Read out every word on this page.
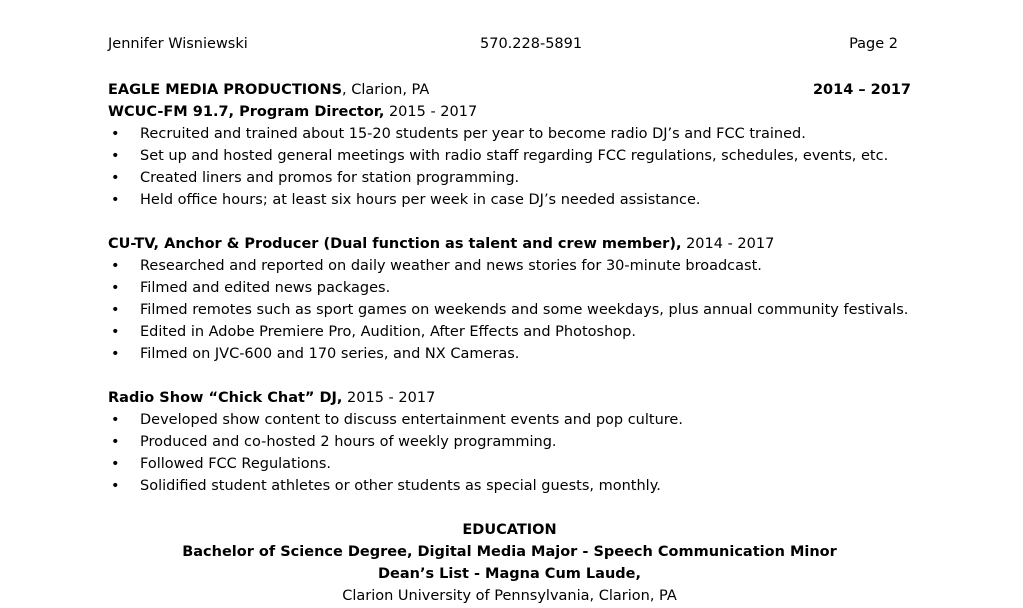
Jennifer Wisniewski	570.228-5891	Page 2
EAGLE MEDIA PRODUCTIONS, Clarion, PA	2014 – 2017
WCUC-FM 91.7, Program Director, 2015 - 2017
• Recruited and trained about 15-20 students per year to become radio DJ’s and FCC trained.
• Set up and hosted general meetings with radio staff regarding FCC regulations, schedules, events, etc.
• Created liners and promos for station programming.
• Held office hours; at least six hours per week in case DJ’s needed assistance.
CU-TV, Anchor & Producer (Dual function as talent and crew member), 2014 - 2017
• Researched and reported on daily weather and news stories for 30-minute broadcast.
• Filmed and edited news packages.
• Filmed remotes such as sport games on weekends and some weekdays, plus annual community festivals.
• Edited in Adobe Premiere Pro, Audition, After Effects and Photoshop.
• Filmed on JVC-600 and 170 series, and NX Cameras.
Radio Show “Chick Chat” DJ, 2015 - 2017
• Developed show content to discuss entertainment events and pop culture.
• Produced and co-hosted 2 hours of weekly programming.
• Followed FCC Regulations.
• Solidified student athletes or other students as special guests, monthly.
EDUCATION
Bachelor of Science Degree, Digital Media Major - Speech Communication Minor
Dean’s List - Magna Cum Laude,
Clarion University of Pennsylvania, Clarion, PA
